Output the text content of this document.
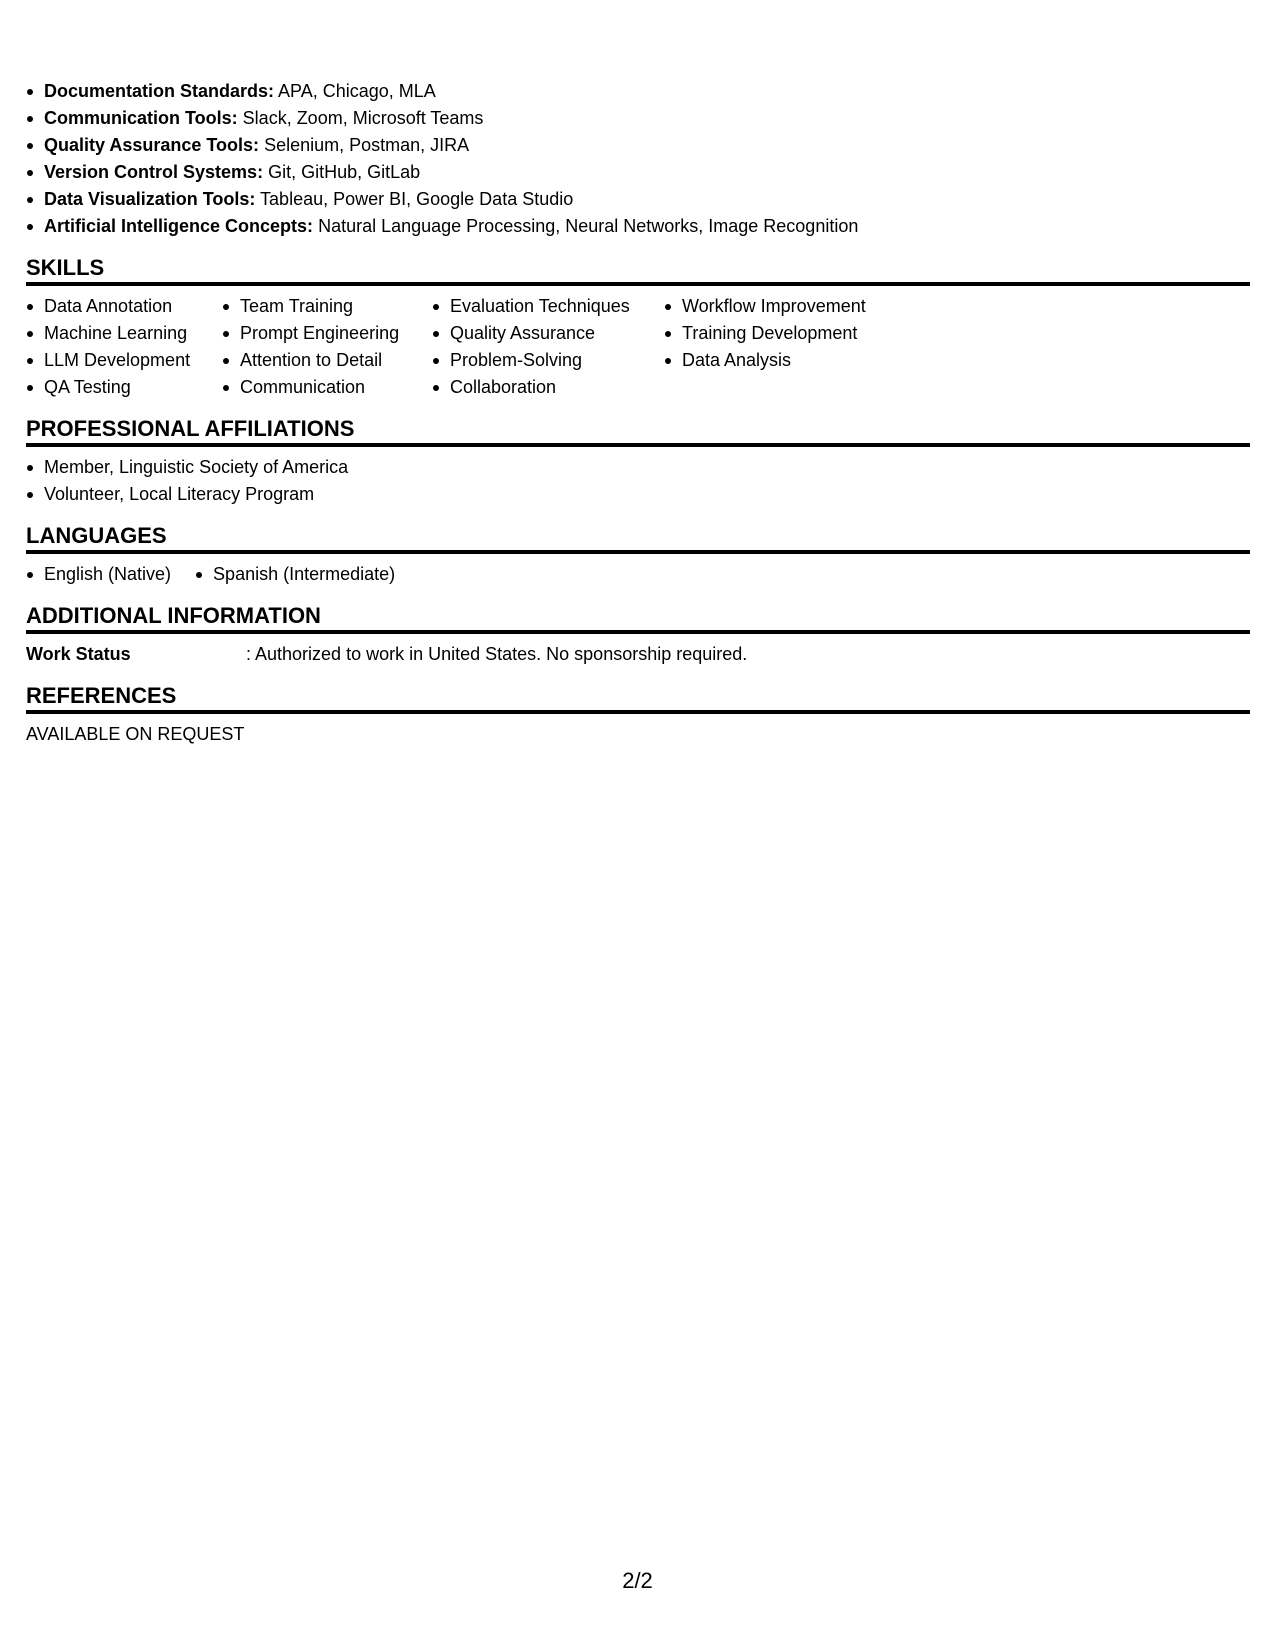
Documentation Standards: APA, Chicago, MLA
Communication Tools: Slack, Zoom, Microsoft Teams
Quality Assurance Tools: Selenium, Postman, JIRA
Version Control Systems: Git, GitHub, GitLab
Data Visualization Tools: Tableau, Power BI, Google Data Studio
Artificial Intelligence Concepts: Natural Language Processing, Neural Networks, Image Recognition
SKILLS
Data Annotation
Machine Learning
LLM Development
QA Testing
Team Training
Prompt Engineering
Attention to Detail
Communication
Evaluation Techniques
Quality Assurance
Problem-Solving
Collaboration
Workflow Improvement
Training Development
Data Analysis
PROFESSIONAL AFFILIATIONS
Member, Linguistic Society of America
Volunteer, Local Literacy Program
LANGUAGES
English (Native)	Spanish (Intermediate)
ADDITIONAL INFORMATION
Work Status	: Authorized to work in United States. No sponsorship required.
REFERENCES
AVAILABLE ON REQUEST
2/2
